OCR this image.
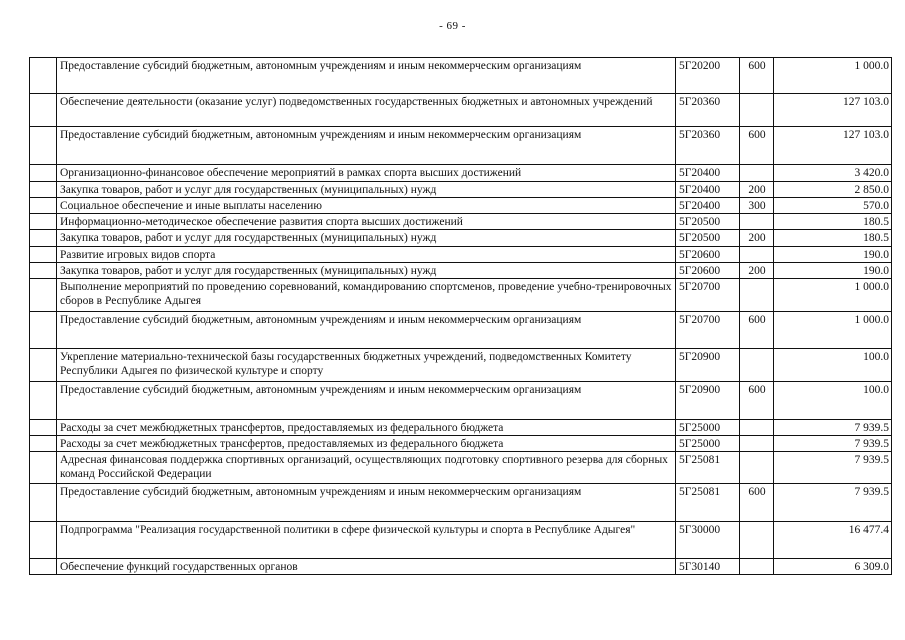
- 69 -
	Предоставление субсидий бюджетным, автономным учреждениям и иным некоммерческим организациям	5Г20200	600	1 000.0
	Обеспечение деятельности (оказание услуг) подведомственных государственных бюджетных и автономных учреждений	5Г20360		127 103.0
	Предоставление субсидий бюджетным, автономным учреждениям и иным некоммерческим организациям	5Г20360	600	127 103.0
	Организационно-финансовое обеспечение мероприятий в рамках спорта высших достижений	5Г20400		3 420.0
	Закупка товаров, работ и услуг для государственных (муниципальных) нужд	5Г20400	200	2 850.0
	Социальное обеспечение и иные выплаты населению	5Г20400	300	570.0
	Информационно-методическое обеспечение развития спорта высших достижений	5Г20500		180.5
	Закупка товаров, работ и услуг для государственных (муниципальных) нужд	5Г20500	200	180.5
	Развитие игровых видов спорта	5Г20600		190.0
	Закупка товаров, работ и услуг для государственных (муниципальных) нужд	5Г20600	200	190.0
	Выполнение мероприятий по проведению соревнований, командированию спортсменов, проведение учебно-тренировочных сборов в Республике Адыгея	5Г20700		1 000.0
	Предоставление субсидий бюджетным, автономным учреждениям и иным некоммерческим организациям	5Г20700	600	1 000.0
	Укрепление материально-технической базы государственных бюджетных учреждений, подведомственных Комитету Республики Адыгея по физической культуре и спорту	5Г20900		100.0
	Предоставление субсидий бюджетным, автономным учреждениям и иным некоммерческим организациям	5Г20900	600	100.0
	Расходы за счет межбюджетных трансфертов, предоставляемых из федерального бюджета	5Г25000		7 939.5
	Расходы за счет межбюджетных трансфертов, предоставляемых из федерального бюджета	5Г25000		7 939.5
	Адресная финансовая поддержка спортивных организаций, осуществляющих подготовку спортивного резерва для сборных команд Российской Федерации	5Г25081		7 939.5
	Предоставление субсидий бюджетным, автономным учреждениям и иным некоммерческим организациям	5Г25081	600	7 939.5
	Подпрограмма "Реализация государственной политики в сфере физической культуры и спорта в Республике Адыгея"	5Г30000		16 477.4
	Обеспечение функций государственных органов	5Г30140		6 309.0
